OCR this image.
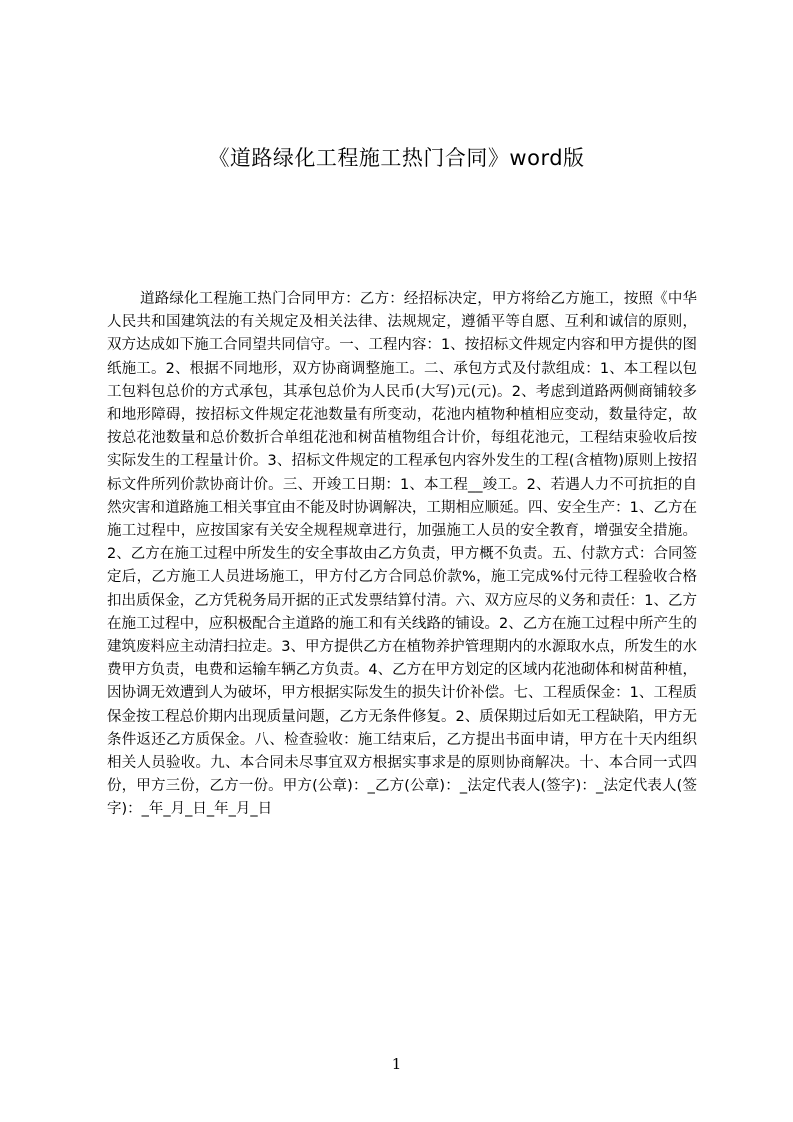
《道路绿化工程施工热门合同》word版
道路绿化工程施工热门合同甲方：乙方：经招标决定，甲方将给乙方施工，按照《中华人民共和国建筑法的有关规定及相关法律、法规规定，遵循平等自愿、互利和诚信的原则，双方达成如下施工合同望共同信守。一、工程内容：1、按招标文件规定内容和甲方提供的图纸施工。2、根据不同地形，双方协商调整施工。二、承包方式及付款组成：1、本工程以包工包料包总价的方式承包，其承包总价为人民币(大写)元(元)。2、考虑到道路两侧商铺较多和地形障碍，按招标文件规定花池数量有所变动，花池内植物种植相应变动，数量待定，故按总花池数量和总价数折合单组花池和树苗植物组合计价，每组花池元，工程结束验收后按实际发生的工程量计价。3、招标文件规定的工程承包内容外发生的工程(含植物)原则上按招标文件所列价款协商计价。三、开竣工日期：1、本工程__竣工。2、若遇人力不可抗拒的自然灾害和道路施工相关事宜由不能及时协调解决，工期相应顺延。四、安全生产：1、乙方在施工过程中，应按国家有关安全规程规章进行，加强施工人员的安全教育，增强安全措施。2、乙方在施工过程中所发生的安全事故由乙方负责，甲方概不负责。五、付款方式：合同签定后，乙方施工人员进场施工，甲方付乙方合同总价款%，施工完成%付元待工程验收合格扣出质保金，乙方凭税务局开据的正式发票结算付清。六、双方应尽的义务和责任：1、乙方在施工过程中，应积极配合主道路的施工和有关线路的铺设。2、乙方在施工过程中所产生的建筑废料应主动清扫拉走。3、甲方提供乙方在植物养护管理期内的水源取水点，所发生的水费甲方负责，电费和运输车辆乙方负责。4、乙方在甲方划定的区域内花池砌体和树苗种植，因协调无效遭到人为破坏，甲方根据实际发生的损失计价补偿。七、工程质保金：1、工程质保金按工程总价期内出现质量问题，乙方无条件修复。2、质保期过后如无工程缺陷，甲方无条件返还乙方质保金。八、检查验收：施工结束后，乙方提出书面申请，甲方在十天内组织相关人员验收。九、本合同未尽事宜双方根据实事求是的原则协商解决。十、本合同一式四份，甲方三份，乙方一份。甲方(公章)：_乙方(公章)：_法定代表人(签字)：_法定代表人(签字)：_年_月_日_年_月_日
1
